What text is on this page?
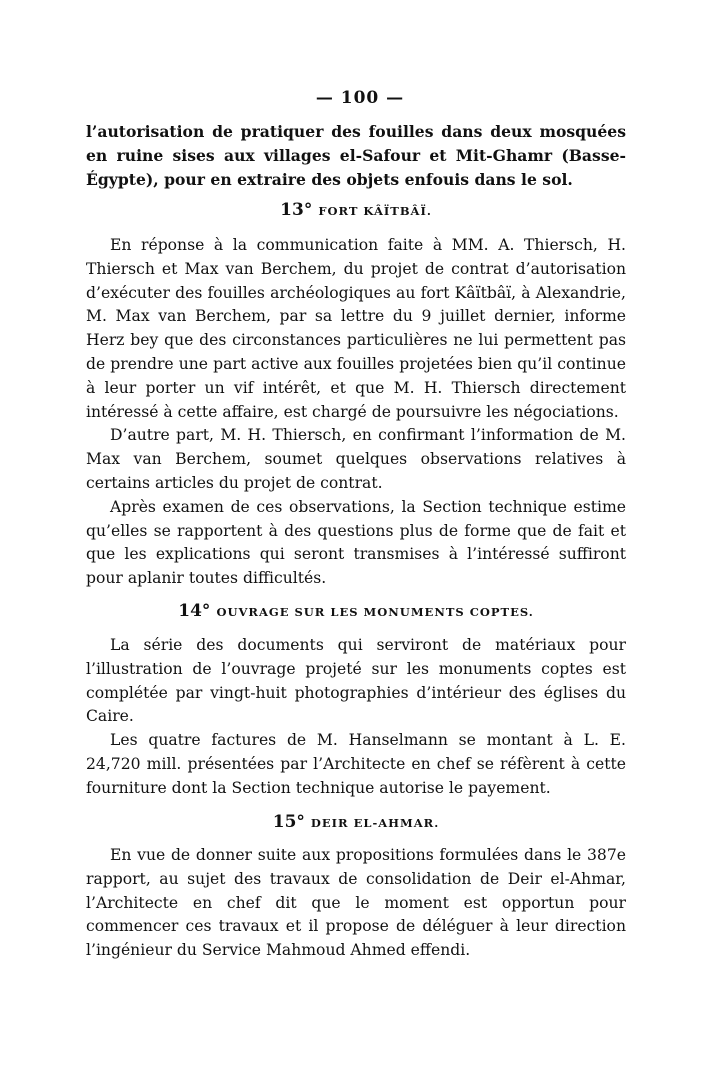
— 100 —

l’autorisation de pratiquer des fouilles dans deux mosquées en ruine sises aux villages el-Safour et Mit-Ghamr (Basse-Égypte), pour en extraire des objets enfouis dans le sol.

13° FORT KÂÏTBÂÏ.

En réponse à la communication faite à MM. A. Thiersch, H. Thiersch et Max van Berchem, du projet de contrat d’autorisation d’exécuter des fouilles archéologiques au fort Kâïtbâï, à Alexandrie, M. Max van Berchem, par sa lettre du 9 juillet dernier, informe Herz bey que des circonstances particulières ne lui permettent pas de prendre une part active aux fouilles projetées bien qu’il continue à leur porter un vif intérêt, et que M. H. Thiersch directement intéressé à cette affaire, est chargé de poursuivre les négociations.

D’autre part, M. H. Thiersch, en confirmant l’information de M. Max van Berchem, soumet quelques observations relatives à certains articles du projet de contrat.

Après examen de ces observations, la Section technique estime qu’elles se rapportent à des questions plus de forme que de fait et que les explications qui seront transmises à l’intéressé suffiront pour aplanir toutes difficultés.

14° OUVRAGE SUR LES MONUMENTS COPTES.

La série des documents qui serviront de matériaux pour l’illustration de l’ouvrage projeté sur les monuments coptes est complétée par vingt-huit photographies d’intérieur des églises du Caire.

Les quatre factures de M. Hanselmann se montant à L. E. 24,720 mill. présentées par l’Architecte en chef se réfèrent à cette fourniture dont la Section technique autorise le payement.

15° DEIR EL-AHMAR.

En vue de donner suite aux propositions formulées dans le 387e rapport, au sujet des travaux de consolidation de Deir el-Ahmar, l’Architecte en chef dit que le moment est opportun pour commencer ces travaux et il propose de déléguer à leur direction l’ingénieur du Service Mahmoud Ahmed effendi.
